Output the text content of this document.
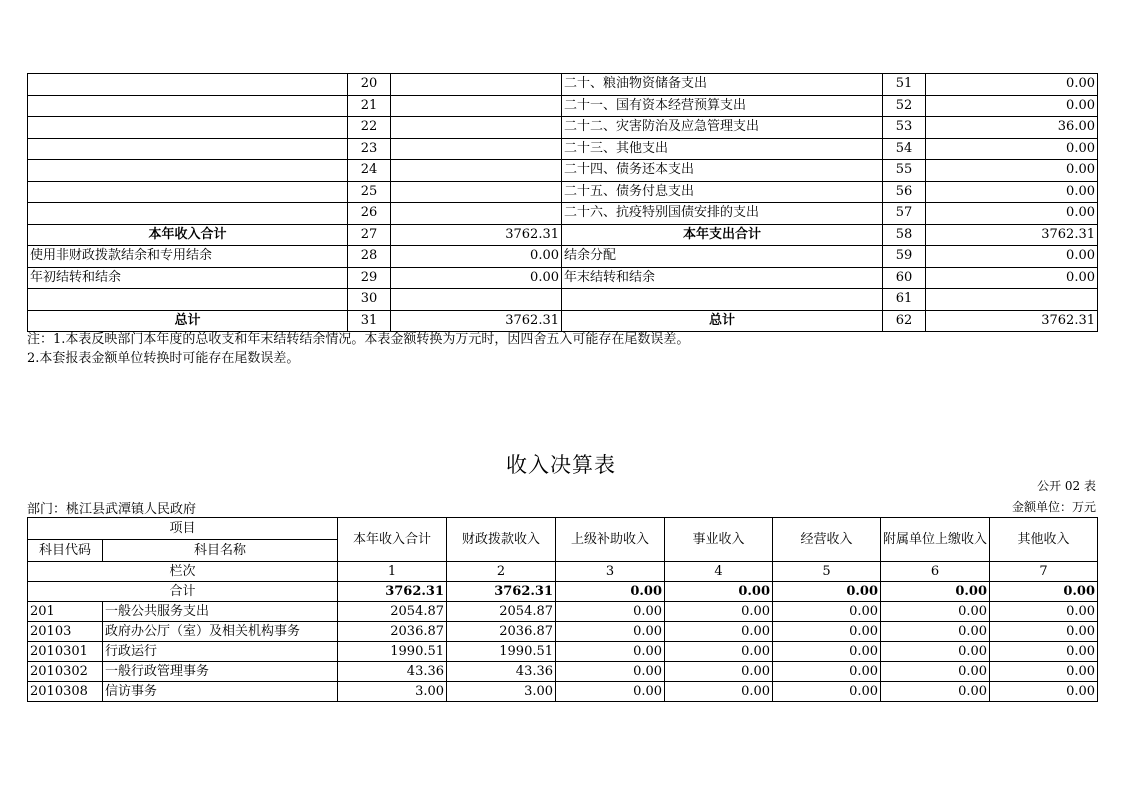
	20		二十、粮油物资储备支出	51	0.00
	21		二十一、国有资本经营预算支出	52	0.00
	22		二十二、灾害防治及应急管理支出	53	36.00
	23		二十三、其他支出	54	0.00
	24		二十四、债务还本支出	55	0.00
	25		二十五、债务付息支出	56	0.00
	26		二十六、抗疫特别国债安排的支出	57	0.00
本年收入合计	27	3762.31	本年支出合计	58	3762.31
使用非财政拨款结余和专用结余	28	0.00	结余分配	59	0.00
年初结转和结余	29	0.00	年末结转和结余	60	0.00
	30			61	
总计	31	3762.31	总计	62	3762.31
注：1.本表反映部门本年度的总收支和年末结转结余情况。本表金额转换为万元时，因四舍五入可能存在尾数误差。
2.本套报表金额单位转换时可能存在尾数误差。
收入决算表
公开 02 表
部门：桃江县武潭镇人民政府	金额单位：万元
项目		本年收入合计	财政拨款收入	上级补助收入	事业收入	经营收入	附属单位上缴收入	其他收入
科目代码	科目名称							
栏次		1	2	3	4	5	6	7
合计		3762.31	3762.31	0.00	0.00	0.00	0.00	0.00
201	一般公共服务支出	2054.87	2054.87	0.00	0.00	0.00	0.00	0.00
20103	政府办公厅（室）及相关机构事务	2036.87	2036.87	0.00	0.00	0.00	0.00	0.00
2010301	行政运行	1990.51	1990.51	0.00	0.00	0.00	0.00	0.00
2010302	一般行政管理事务	43.36	43.36	0.00	0.00	0.00	0.00	0.00
2010308	信访事务	3.00	3.00	0.00	0.00	0.00	0.00	0.00
